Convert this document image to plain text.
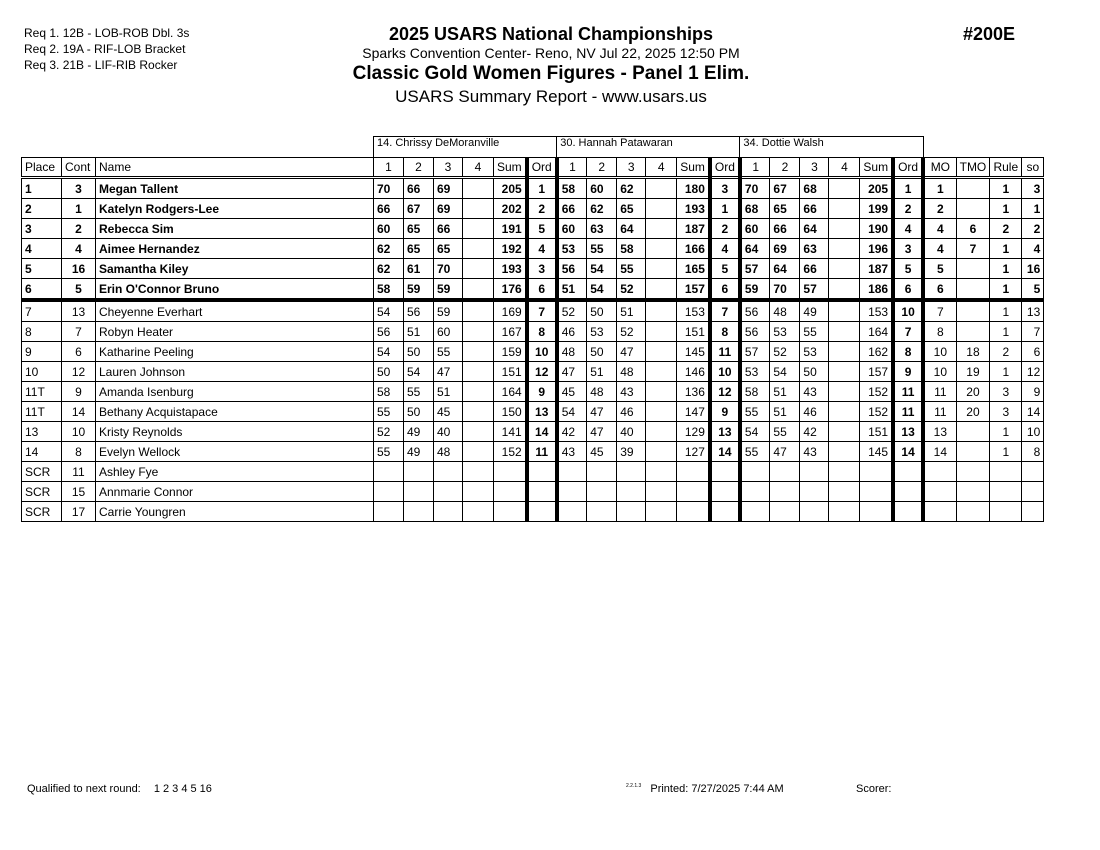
Req 1. 12B - LOB-ROB Dbl. 3s
Req 2. 19A - RIF-LOB Bracket
Req 3. 21B - LIF-RIB Rocker
2025 USARS National Championships
Sparks Convention Center- Reno, NV Jul 22, 2025 12:50 PM
Classic Gold Women Figures - Panel 1 Elim.
USARS Summary Report - www.usars.us
#200E
			14. Chrissy DeMoranville						30. Hannah Patawaran						34. Dottie Walsh									
Place	Cont	Name	1	2	3	4	Sum	Ord	1	2	3	4	Sum	Ord	1	2	3	4	Sum	Ord	MO	TMO	Rule	so
1	3	Megan Tallent	70	66	69		205	1	58	60	62		180	3	70	67	68		205	1	1		1	3
2	1	Katelyn Rodgers-Lee	66	67	69		202	2	66	62	65		193	1	68	65	66		199	2	2		1	1
3	2	Rebecca Sim	60	65	66		191	5	60	63	64		187	2	60	66	64		190	4	4	6	2	2
4	4	Aimee Hernandez	62	65	65		192	4	53	55	58		166	4	64	69	63		196	3	4	7	1	4
5	16	Samantha Kiley	62	61	70		193	3	56	54	55		165	5	57	64	66		187	5	5		1	16
6	5	Erin O'Connor Bruno	58	59	59		176	6	51	54	52		157	6	59	70	57		186	6	6		1	5
7	13	Cheyenne Everhart	54	56	59		169	7	52	50	51		153	7	56	48	49		153	10	7		1	13
8	7	Robyn Heater	56	51	60		167	8	46	53	52		151	8	56	53	55		164	7	8		1	7
9	6	Katharine Peeling	54	50	55		159	10	48	50	47		145	11	57	52	53		162	8	10	18	2	6
10	12	Lauren Johnson	50	54	47		151	12	47	51	48		146	10	53	54	50		157	9	10	19	1	12
11T	9	Amanda Isenburg	58	55	51		164	9	45	48	43		136	12	58	51	43		152	11	11	20	3	9
11T	14	Bethany Acquistapace	55	50	45		150	13	54	47	46		147	9	55	51	46		152	11	11	20	3	14
13	10	Kristy Reynolds	52	49	40		141	14	42	47	40		129	13	54	55	42		151	13	13		1	10
14	8	Evelyn Wellock	55	49	48		152	11	43	45	39		127	14	55	47	43		145	14	14		1	8
SCR	11	Ashley Fye																						
SCR	15	Annmarie Connor																						
SCR	17	Carrie Youngren																						
Qualified to next round: 1 2 3 4 5 16	$^{2.2.1.3}$ Printed: 7/27/2025 7:44 AM	Scorer:
